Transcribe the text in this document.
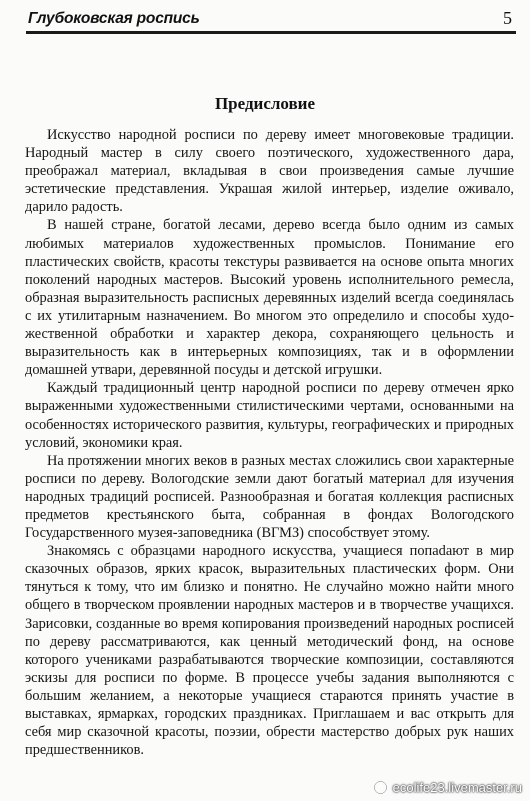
Глубоковская роспись	5
Предисловие

Искусство народной росписи по дереву имеет многовековые традиции. Народный мастер в силу своего поэтического, художественного дара, преображал материал, вкладывая в свои произведения самые лучшие эстетические представления. Украшая жилой интерьер, изделие оживало, дарило радость.

В нашей стране, богатой лесами, дерево всегда было одним из самых любимых материалов художественных промыслов. Понимание его пластических свойств, красоты текстуры развивается на основе опыта многих поколений народных мастеров. Высокий уровень исполнительного ремесла, образная выразительность расписных деревянных изделий всегда соединялась с их утилитарным назначением. Во многом это определило и способы художественной обработки и характер декора, сохраняющего цельность и выразительность как в интерьерных композициях, так и в оформлении домашней утвари, деревянной посуды и детской игрушки.

Каждый традиционный центр народной росписи по дереву отмечен ярко выраженными художественными стилистическими чертами, основанными на особенностях исторического развития, культуры, географических и природных условий, экономики края.

На протяжении многих веков в разных местах сложились свои характерные росписи по дереву. Вологодские земли дают богатый материал для изучения народных традиций росписей. Разнообразная и богатая коллекция расписных предметов крестьянского быта, собранная в фондах Вологодского Государственного музея-заповедника (ВГМЗ) способствует этому.

Знакомясь с образцами народного искусства, учащиеся попаdают в мир сказочных образов, ярких красок, выразительных пластических форм. Они тянуться к тому, что им близко и понятно. Не случайно можно найти много общего в творческом проявлении народных мастеров и в творчестве учащихся. Зарисовки, созданные во время копирования произведений народных росписей по дереву рассматриваются, как ценный методический фонд, на основе которого учениками разрабатываются творческие композиции, составляются эскизы для росписи по форме. В процессе учебы задания выполняются с большим желанием, а некоторые учащиеся стараются принять участие в выставках, ярмарках, городских праздниках. Приглашаем и вас открыть для себя мир сказочной красоты, поэзии, обрести мастерство добрых рук наших предшественников.

ecolife23.livemaster.ru
